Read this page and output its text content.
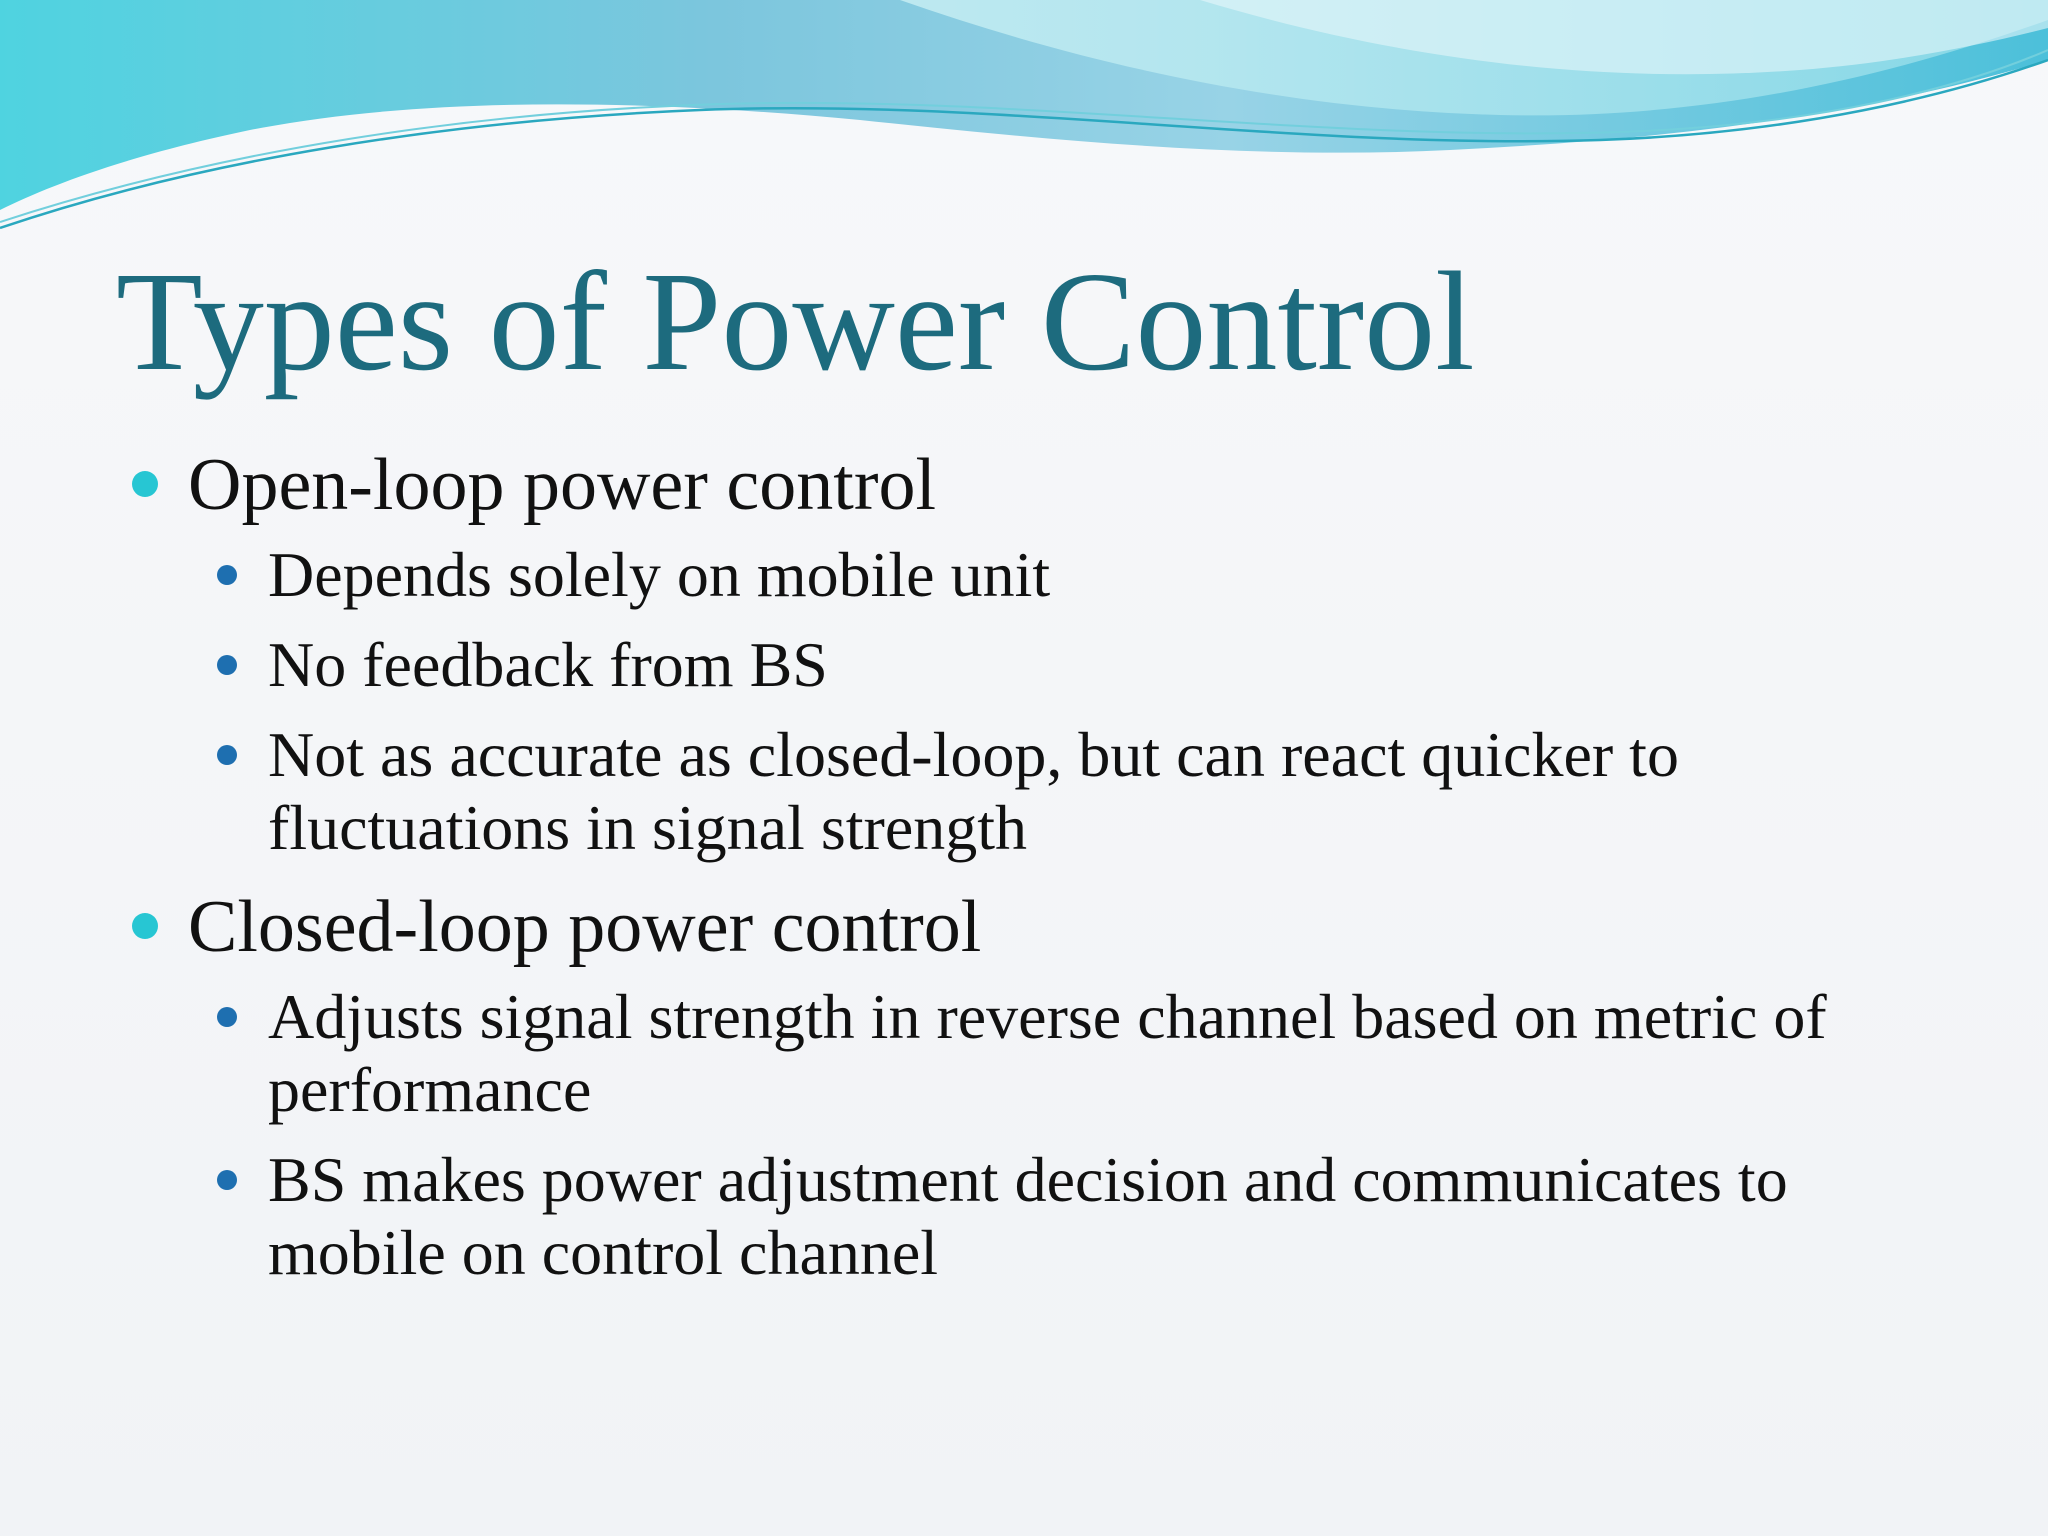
Types of Power Control
Open-loop power control
Depends solely on mobile unit
No feedback from BS
Not as accurate as closed-loop, but can react quicker to fluctuations in signal strength
Closed-loop power control
Adjusts signal strength in reverse channel based on metric of performance
BS makes power adjustment decision and communicates to mobile on control channel
